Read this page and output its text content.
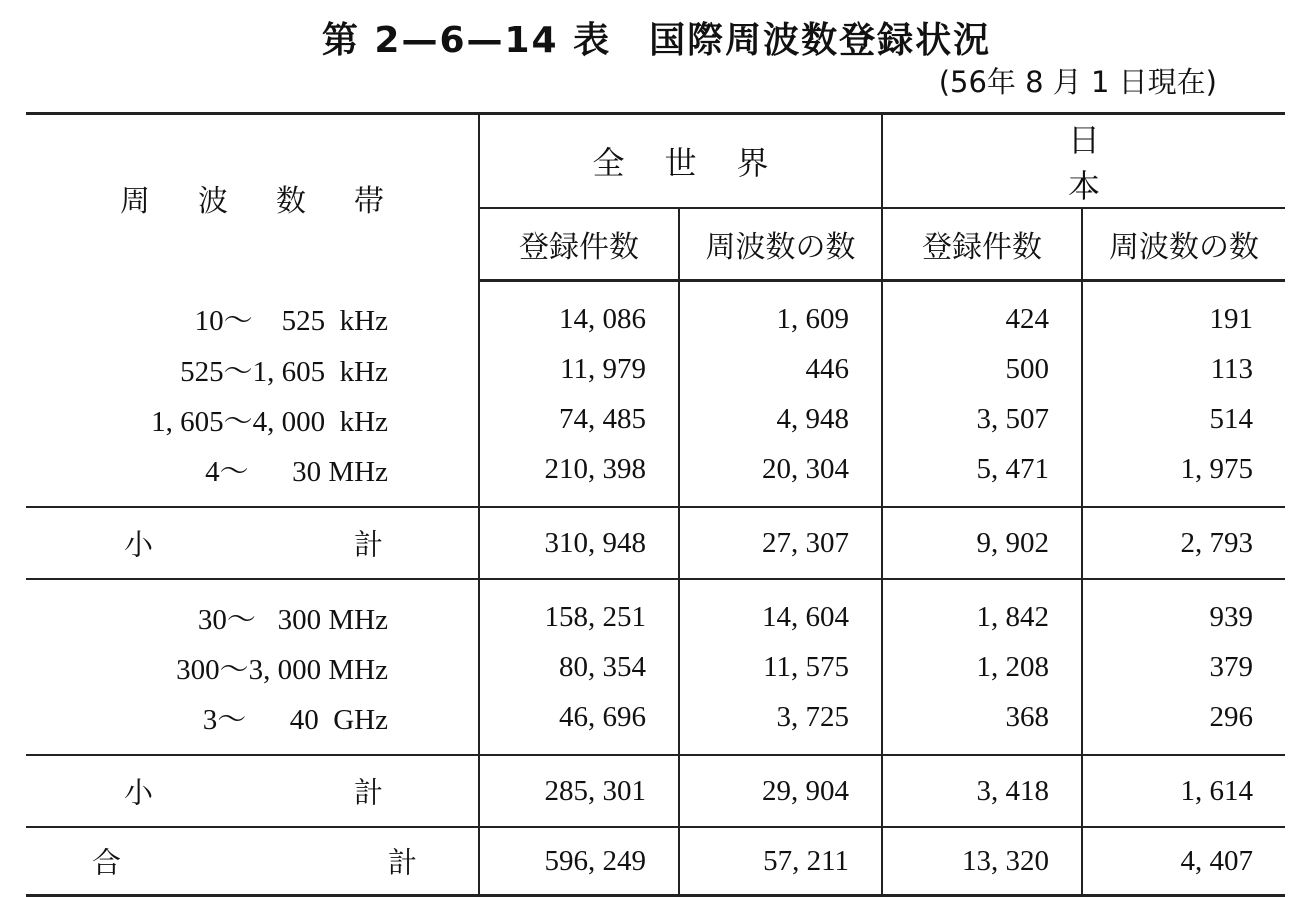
第 2—6—14 表　国際周波数登録状況
(56年 8 月 1 日現在)
周波数帯	全世界		日本	
	登録件数	周波数の数	登録件数	周波数の数
10～    525  kHz	14, 086	1, 609	424	191
525～1, 605  kHz	11, 979	446	500	113
1, 605～4, 000  kHz	74, 485	4, 948	3, 507	514
4～      30 MHz	210, 398	20, 304	5, 471	1, 975

小 計	310, 948	27, 307	9, 902	2, 793
30～   300 MHz	158, 251	14, 604	1, 842	939
300～3, 000 MHz	80, 354	11, 575	1, 208	379
3～      40  GHz	46, 696	3, 725	368	296

小 計	285, 301	29, 904	3, 418	1, 614

合 計	596, 249	57, 211	13, 320	4, 407
